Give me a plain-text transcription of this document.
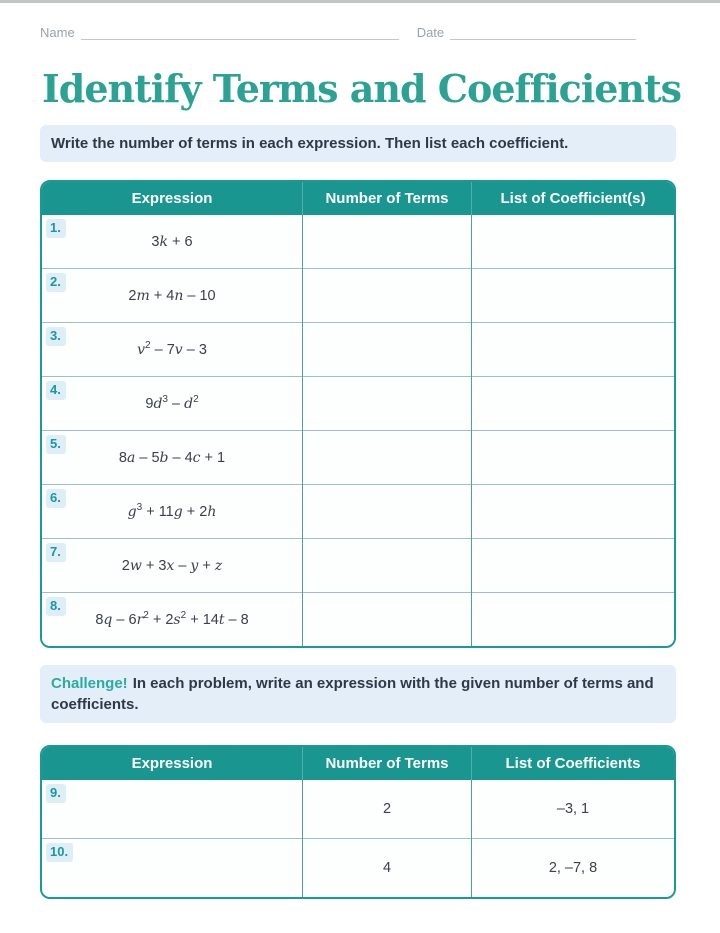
Name	Date
Identify Terms and Coefficients
Write the number of terms in each expression. Then list each coefficient.
Expression	Number of Terms	List of Coefficient(s)

1.
3k + 6		

2.
2m + 4n – 10		

3.
$v^2 - 7v - 3$		

4.
$9d^3 - d^2$		

5.
8a – 5b – 4c + 1		

6.
$g^3 + 11g + 2h$		

7.
2w + 3x – y + z		

8.
$8q - 6r^2 + 2s^2 + 14t - 8$		
Challenge! In each problem, write an expression with the given number of terms and coefficients.
Expression	Number of Terms	List of Coefficients

9.	2	–3, 1

10.	4	2, –7, 8
